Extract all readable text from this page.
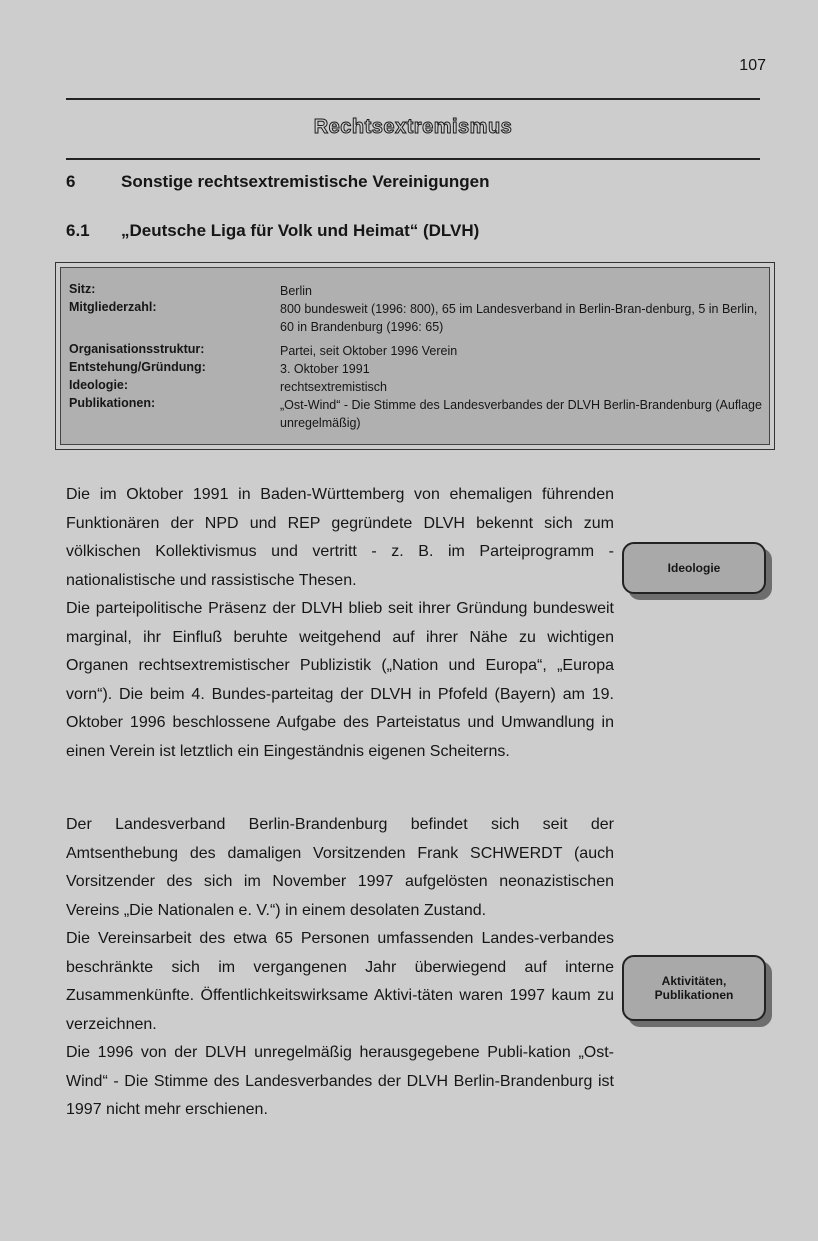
107
Rechtsextremismus
6	Sonstige rechtsextremistische Vereinigungen
6.1 „Deutsche Liga für Volk und Heimat“ (DLVH)
Sitz:	Berlin
Mitgliederzahl:	800 bundesweit (1996: 800), 65 im Landesverband in Berlin-Bran-denburg, 5 in Berlin, 60 in Brandenburg (1996: 65)
Organisationsstruktur:	Partei, seit Oktober 1996 Verein
Entstehung/Gründung:	3. Oktober 1991
Ideologie:	rechtsextremistisch
Publikationen:	„Ost-Wind“ - Die Stimme des Landesverbandes der DLVH Berlin-Brandenburg (Auflage unregelmäßig)

Die im Oktober 1991 in Baden-Württemberg von ehemaligen führenden Funktionären der NPD und REP gegründete DLVH bekennt sich zum völkischen Kollektivismus und vertritt - z. B. im Parteiprogramm - nationalistische und rassistische Thesen.

Die parteipolitische Präsenz der DLVH blieb seit ihrer Gründung bundesweit marginal, ihr Einfluß beruhte weitgehend auf ihrer Nähe zu wichtigen Organen rechtsextremistischer Publizistik („Nation und Europa“, „Europa vorn“). Die beim 4. Bundes-parteitag der DLVH in Pfofeld (Bayern) am 19. Oktober 1996 beschlossene Aufgabe des Parteistatus und Umwandlung in einen Verein ist letztlich ein Eingeständnis eigenen Scheiterns.

Der Landesverband Berlin-Brandenburg befindet sich seit der Amtsenthebung des damaligen Vorsitzenden Frank SCHWERDT (auch Vorsitzender des sich im November 1997 aufgelösten neonazistischen Vereins „Die Nationalen e. V.“) in einem desolaten Zustand.

Die Vereinsarbeit des etwa 65 Personen umfassenden Landes-verbandes beschränkte sich im vergangenen Jahr überwiegend auf interne Zusammenkünfte. Öffentlichkeitswirksame Aktivi-täten waren 1997 kaum zu verzeichnen.

Die 1996 von der DLVH unregelmäßig herausgegebene Publi-kation „Ost-Wind“ - Die Stimme des Landesverbandes der DLVH Berlin-Brandenburg ist 1997 nicht mehr erschienen.

Ideologie
Aktivitäten,
Publikationen
